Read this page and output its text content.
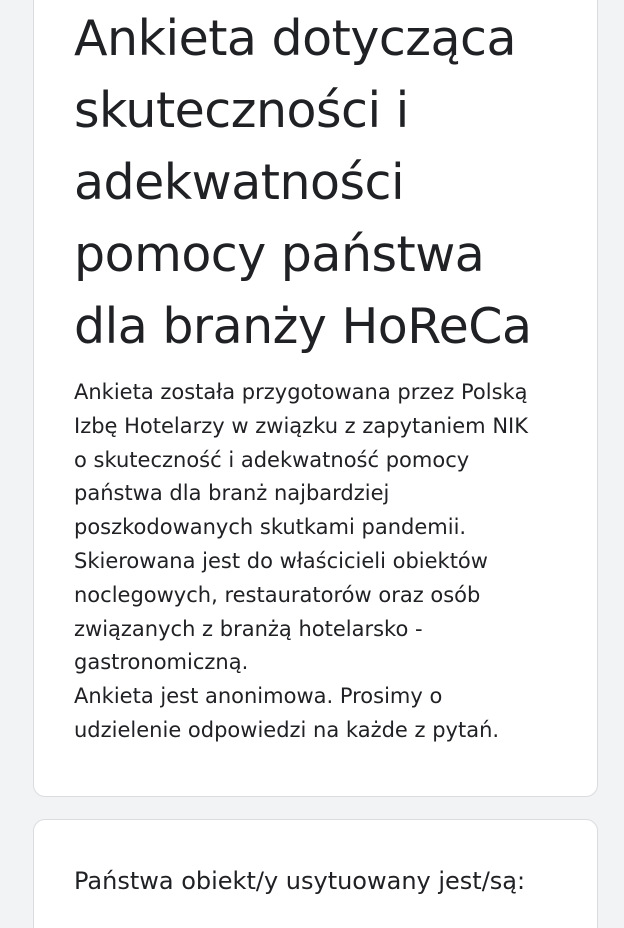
Ankieta dotycząca
skuteczności i
adekwatności
pomocy państwa
dla branży HoReCa

Ankieta została przygotowana przez Polską
Izbę Hotelarzy w związku z zapytaniem NIK
o skuteczność i adekwatność pomocy
państwa dla branż najbardziej
poszkodowanych skutkami pandemii.
Skierowana jest do właścicieli obiektów
noclegowych, restauratorów oraz osób
związanych z branżą hotelarsko -
gastronomiczną.
Ankieta jest anonimowa. Prosimy o
udzielenie odpowiedzi na każde z pytań.

Państwa obiekt/y usytuowany jest/są:
